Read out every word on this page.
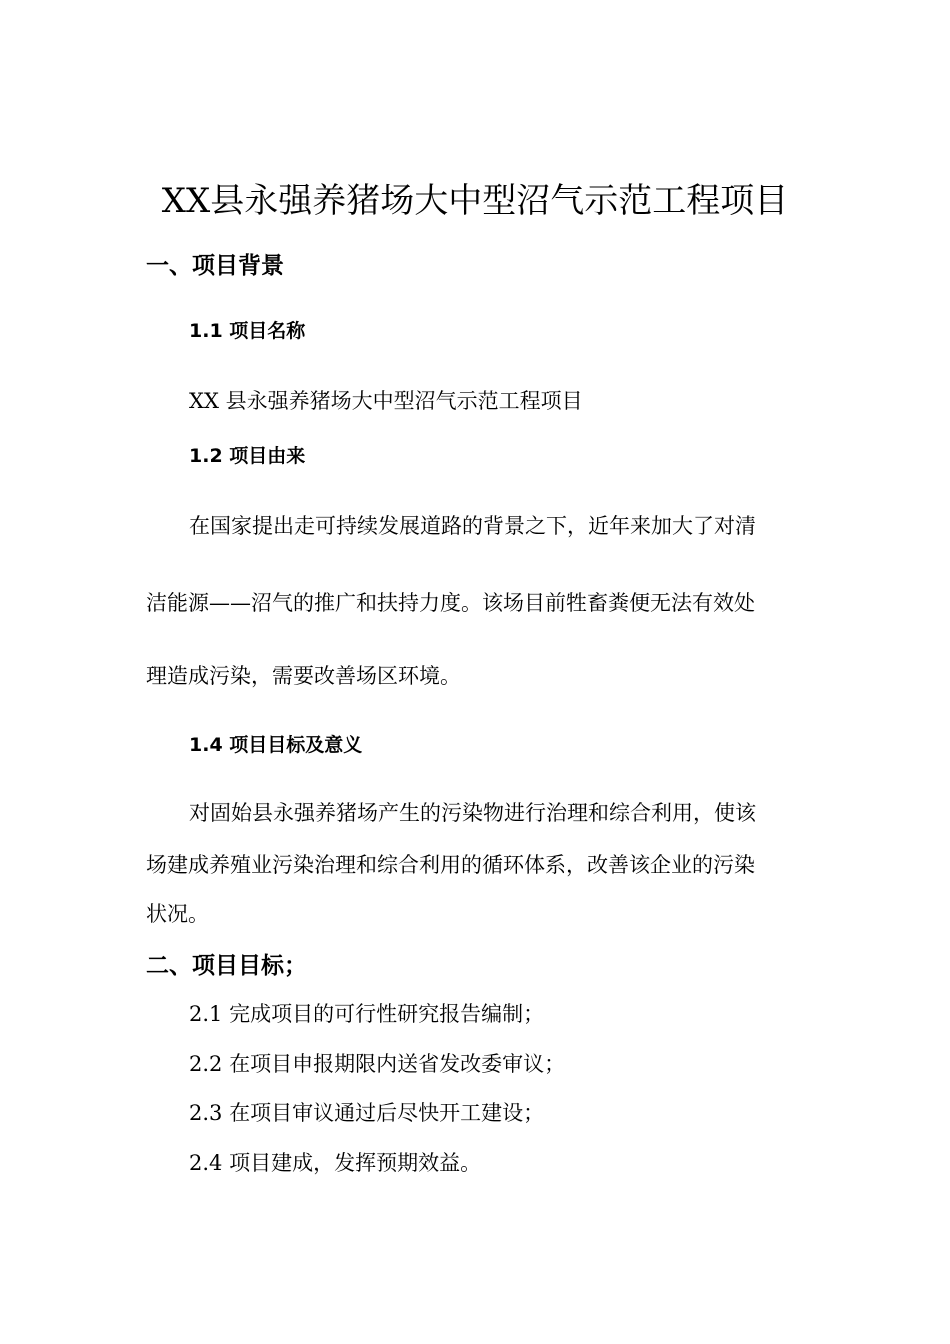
XX县永强养猪场大中型沼气示范工程项目
一、项目背景
1.1 项目名称
XX 县永强养猪场大中型沼气示范工程项目
1.2 项目由来
在国家提出走可持续发展道路的背景之下，近年来加大了对清
洁能源——沼气的推广和扶持力度。该场目前牲畜粪便无法有效处
理造成污染，需要改善场区环境。
1.4 项目目标及意义
对固始县永强养猪场产生的污染物进行治理和综合利用，使该
场建成养殖业污染治理和综合利用的循环体系，改善该企业的污染
状况。
二、项目目标；
2.1 完成项目的可行性研究报告编制；
2.2 在项目申报期限内送省发改委审议；
2.3 在项目审议通过后尽快开工建设；
2.4 项目建成，发挥预期效益。
